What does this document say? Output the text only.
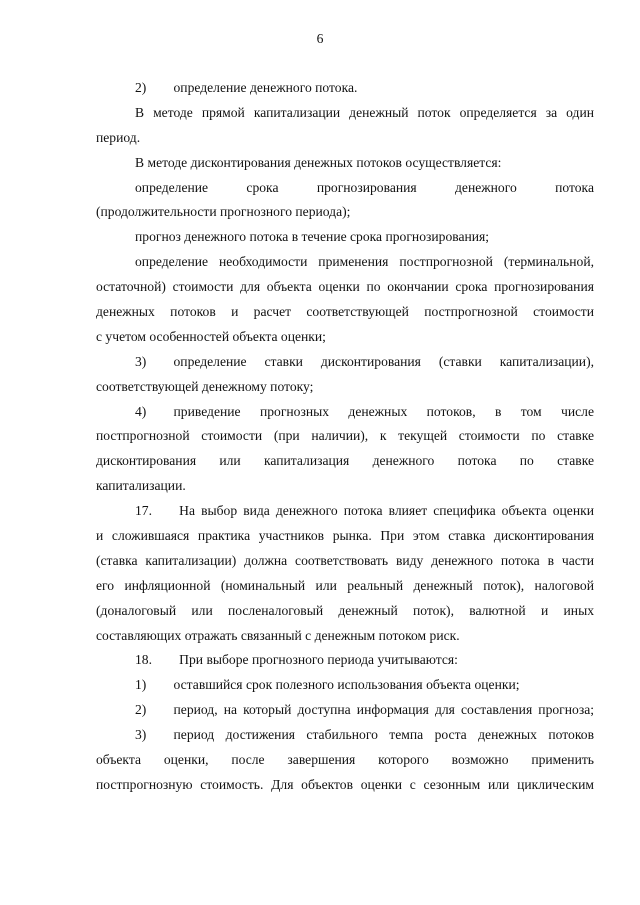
6
2)  определение денежного потока.
В методе прямой капитализации денежный поток определяется за один
период.
В методе дисконтирования денежных потоков осуществляется:
определение срока прогнозирования денежного потока
(продолжительности прогнозного периода);
прогноз денежного потока в течение срока прогнозирования;
определение необходимости применения постпрогнозной (терминальной,
остаточной) стоимости для объекта оценки по окончании срока прогнозирования
денежных потоков и расчет соответствующей постпрогнозной стоимости
с учетом особенностей объекта оценки;
3)  определение ставки дисконтирования (ставки капитализации),
соответствующей денежному потоку;
4)  приведение прогнозных денежных потоков, в том числе
постпрогнозной стоимости (при наличии), к текущей стоимости по ставке
дисконтирования или капитализация денежного потока по ставке
капитализации.
17.  На выбор вида денежного потока влияет специфика объекта оценки
и сложившаяся практика участников рынка. При этом ставка дисконтирования
(ставка капитализации) должна соответствовать виду денежного потока в части
его инфляционной (номинальный или реальный денежный поток), налоговой
(доналоговый или посленалоговый денежный поток), валютной и иных
составляющих отражать связанный с денежным потоком риск.
18.  При выборе прогнозного периода учитываются:
1)  оставшийся срок полезного использования объекта оценки;
2)  период, на который доступна информация для составления прогноза;
3)  период достижения стабильного темпа роста денежных потоков
объекта оценки, после завершения которого возможно применить
постпрогнозную стоимость. Для объектов оценки с сезонным или циклическим
